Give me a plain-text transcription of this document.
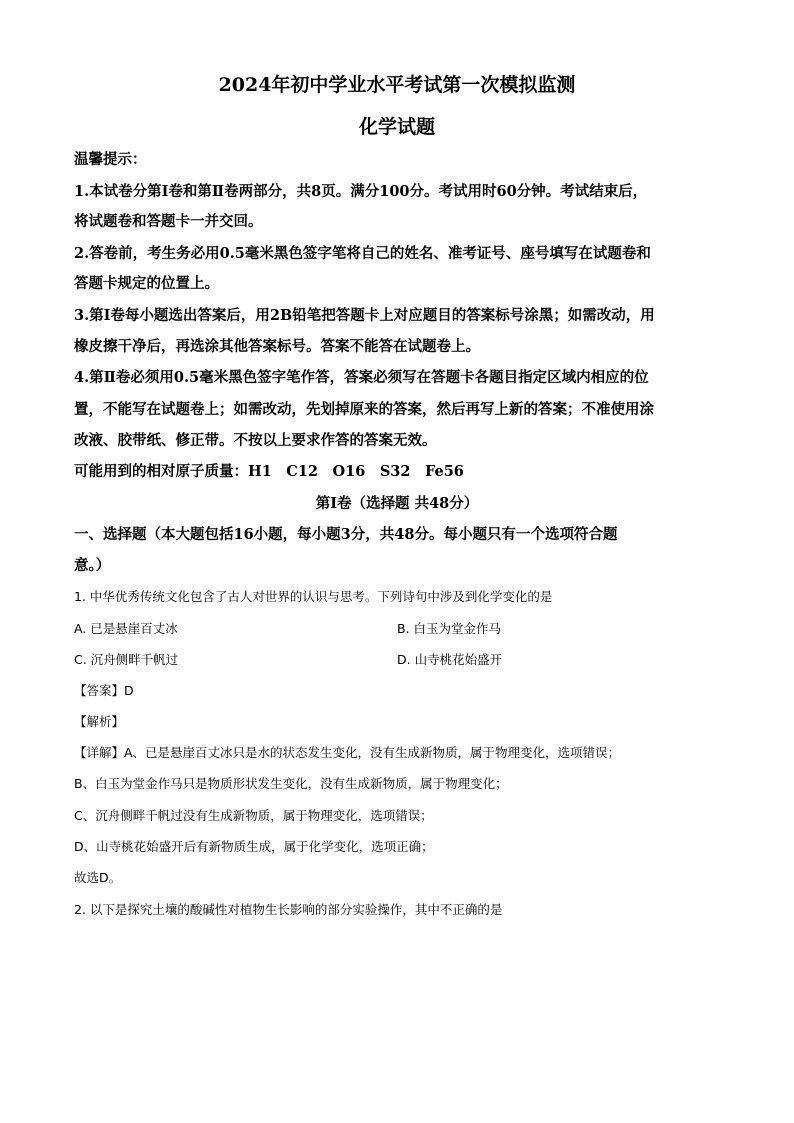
2024年初中学业水平考试第一次模拟监测
化学试题
温馨提示：
1.本试卷分第Ⅰ卷和第Ⅱ卷两部分，共8页。满分100分。考试用时60分钟。考试结束后，
将试题卷和答题卡一并交回。
2.答卷前，考生务必用0.5毫米黑色签字笔将自己的姓名、准考证号、座号填写在试题卷和
答题卡规定的位置上。
3.第Ⅰ卷每小题选出答案后，用2B铅笔把答题卡上对应题目的答案标号涂黑；如需改动，用
橡皮擦干净后，再选涂其他答案标号。答案不能答在试题卷上。
4.第Ⅱ卷必须用0.5毫米黑色签字笔作答，答案必须写在答题卡各题目指定区域内相应的位
置，不能写在试题卷上；如需改动，先划掉原来的答案，然后再写上新的答案；不准使用涂
改液、胶带纸、修正带。不按以上要求作答的答案无效。
可能用到的相对原子质量：H1　C12　O16　S32　Fe56
第Ⅰ卷（选择题 共48分）
一、选择题（本大题包括16小题，每小题3分，共48分。每小题只有一个选项符合题
意。）
1. 中华优秀传统文化包含了古人对世界的认识与思考。下列诗句中涉及到化学变化的是
A. 已是悬崖百丈冰	B. 白玉为堂金作马
C. 沉舟侧畔千帆过	D. 山寺桃花始盛开
【答案】D
【解析】
【详解】A、已是悬崖百丈冰只是水的状态发生变化，没有生成新物质，属于物理变化，选项错误；
B、白玉为堂金作马只是物质形状发生变化，没有生成新物质，属于物理变化；
C、沉舟侧畔千帆过没有生成新物质，属于物理变化，选项错误；
D、山寺桃花始盛开后有新物质生成，属于化学变化，选项正确；
故选D。
2. 以下是探究土壤的酸碱性对植物生长影响的部分实验操作，其中不正确的是
